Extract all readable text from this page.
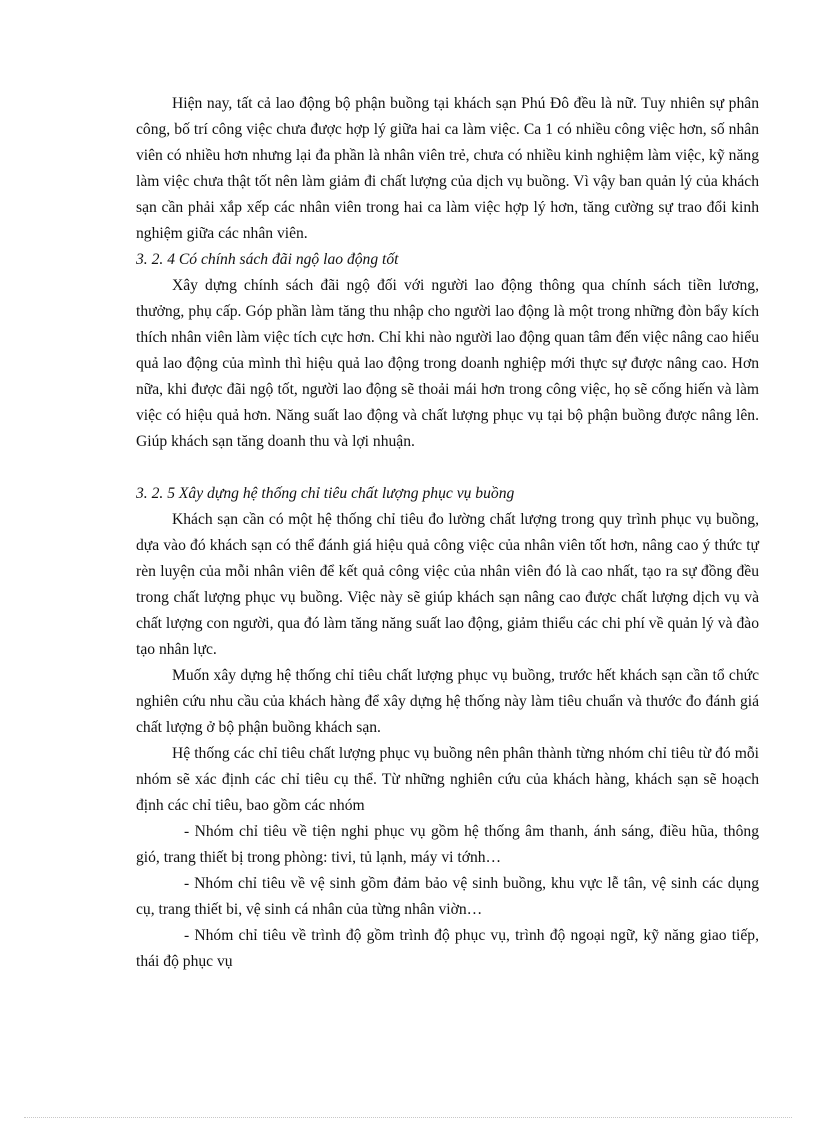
Hiện nay, tất cả lao động bộ phận buồng tại khách sạn Phú Đô đều là nữ. Tuy nhiên sự phân công, bố trí công việc chưa được hợp lý giữa hai ca làm việc. Ca 1 có nhiều công việc hơn, số nhân viên có nhiều hơn nhưng lại đa phần là nhân viên trẻ, chưa có nhiều kinh nghiệm làm việc, kỹ năng làm việc chưa thật tốt nên làm giảm đi chất lượng của dịch vụ buồng. Vì vậy ban quản lý của khách sạn cần phải xắp xếp các nhân viên trong hai ca làm việc hợp lý hơn, tăng cường sự trao đổi kinh nghiệm giữa các nhân viên.

3. 2. 4 Có chính sách đãi ngộ lao động tốt

Xây dựng chính sách đãi ngộ đối với người lao động thông qua chính sách tiền lương, thưởng, phụ cấp. Góp phần làm tăng thu nhập cho người lao động là một trong những đòn bẩy kích thích nhân viên làm việc tích cực hơn. Chỉ khi nào người lao động quan tâm đến việc nâng cao hiểu quả lao động của mình thì hiệu quả lao động trong doanh nghiệp mới thực sự được nâng cao. Hơn nữa, khi được đãi ngộ tốt, người lao động sẽ thoải mái hơn trong công việc, họ sẽ cống hiến và làm việc có hiệu quả hơn. Năng suất lao động và chất lượng phục vụ tại bộ phận buồng được nâng lên. Giúp khách sạn tăng doanh thu và lợi nhuận.

3. 2. 5 Xây dựng hệ thống chỉ tiêu chất lượng phục vụ buồng

Khách sạn cần có một hệ thống chỉ tiêu đo lường chất lượng trong quy trình phục vụ buồng, dựa vào đó khách sạn có thể đánh giá hiệu quả công việc của nhân viên tốt hơn, nâng cao ý thức tự rèn luyện của mỗi nhân viên để kết quả công việc của nhân viên đó là cao nhất, tạo ra sự đồng đều trong chất lượng phục vụ buồng. Việc này sẽ giúp khách sạn nâng cao được chất lượng dịch vụ và chất lượng con người, qua đó làm tăng năng suất lao động, giảm thiểu các chi phí về quản lý và đào tạo nhân lực.

Muốn xây dựng hệ thống chỉ tiêu chất lượng phục vụ buồng, trước hết khách sạn cần tổ chức nghiên cứu nhu cầu của khách hàng để xây dựng hệ thống này làm tiêu chuẩn và thước đo đánh giá chất lượng ở bộ phận buồng khách sạn.

Hệ thống các chỉ tiêu chất lượng phục vụ buồng nên phân thành từng nhóm chỉ tiêu từ đó mỗi nhóm sẽ xác định các chỉ tiêu cụ thể. Từ những nghiên cứu của khách hàng, khách sạn sẽ hoạch định các chỉ tiêu, bao gồm các nhóm

- Nhóm chỉ tiêu về tiện nghi phục vụ gồm hệ thống âm thanh, ánh sáng, điều hũa, thông gió, trang thiết bị trong phòng: tivi, tủ lạnh, máy vi tớnh…

- Nhóm chỉ tiêu về vệ sinh gồm đảm bảo vệ sinh buồng, khu vực lễ tân, vệ sinh các dụng cụ, trang thiết bi, vệ sinh cá nhân của từng nhân viờn…

- Nhóm chỉ tiêu về trình độ gồm trình độ phục vụ, trình độ ngoại ngữ, kỹ năng giao tiếp, thái độ phục vụ
